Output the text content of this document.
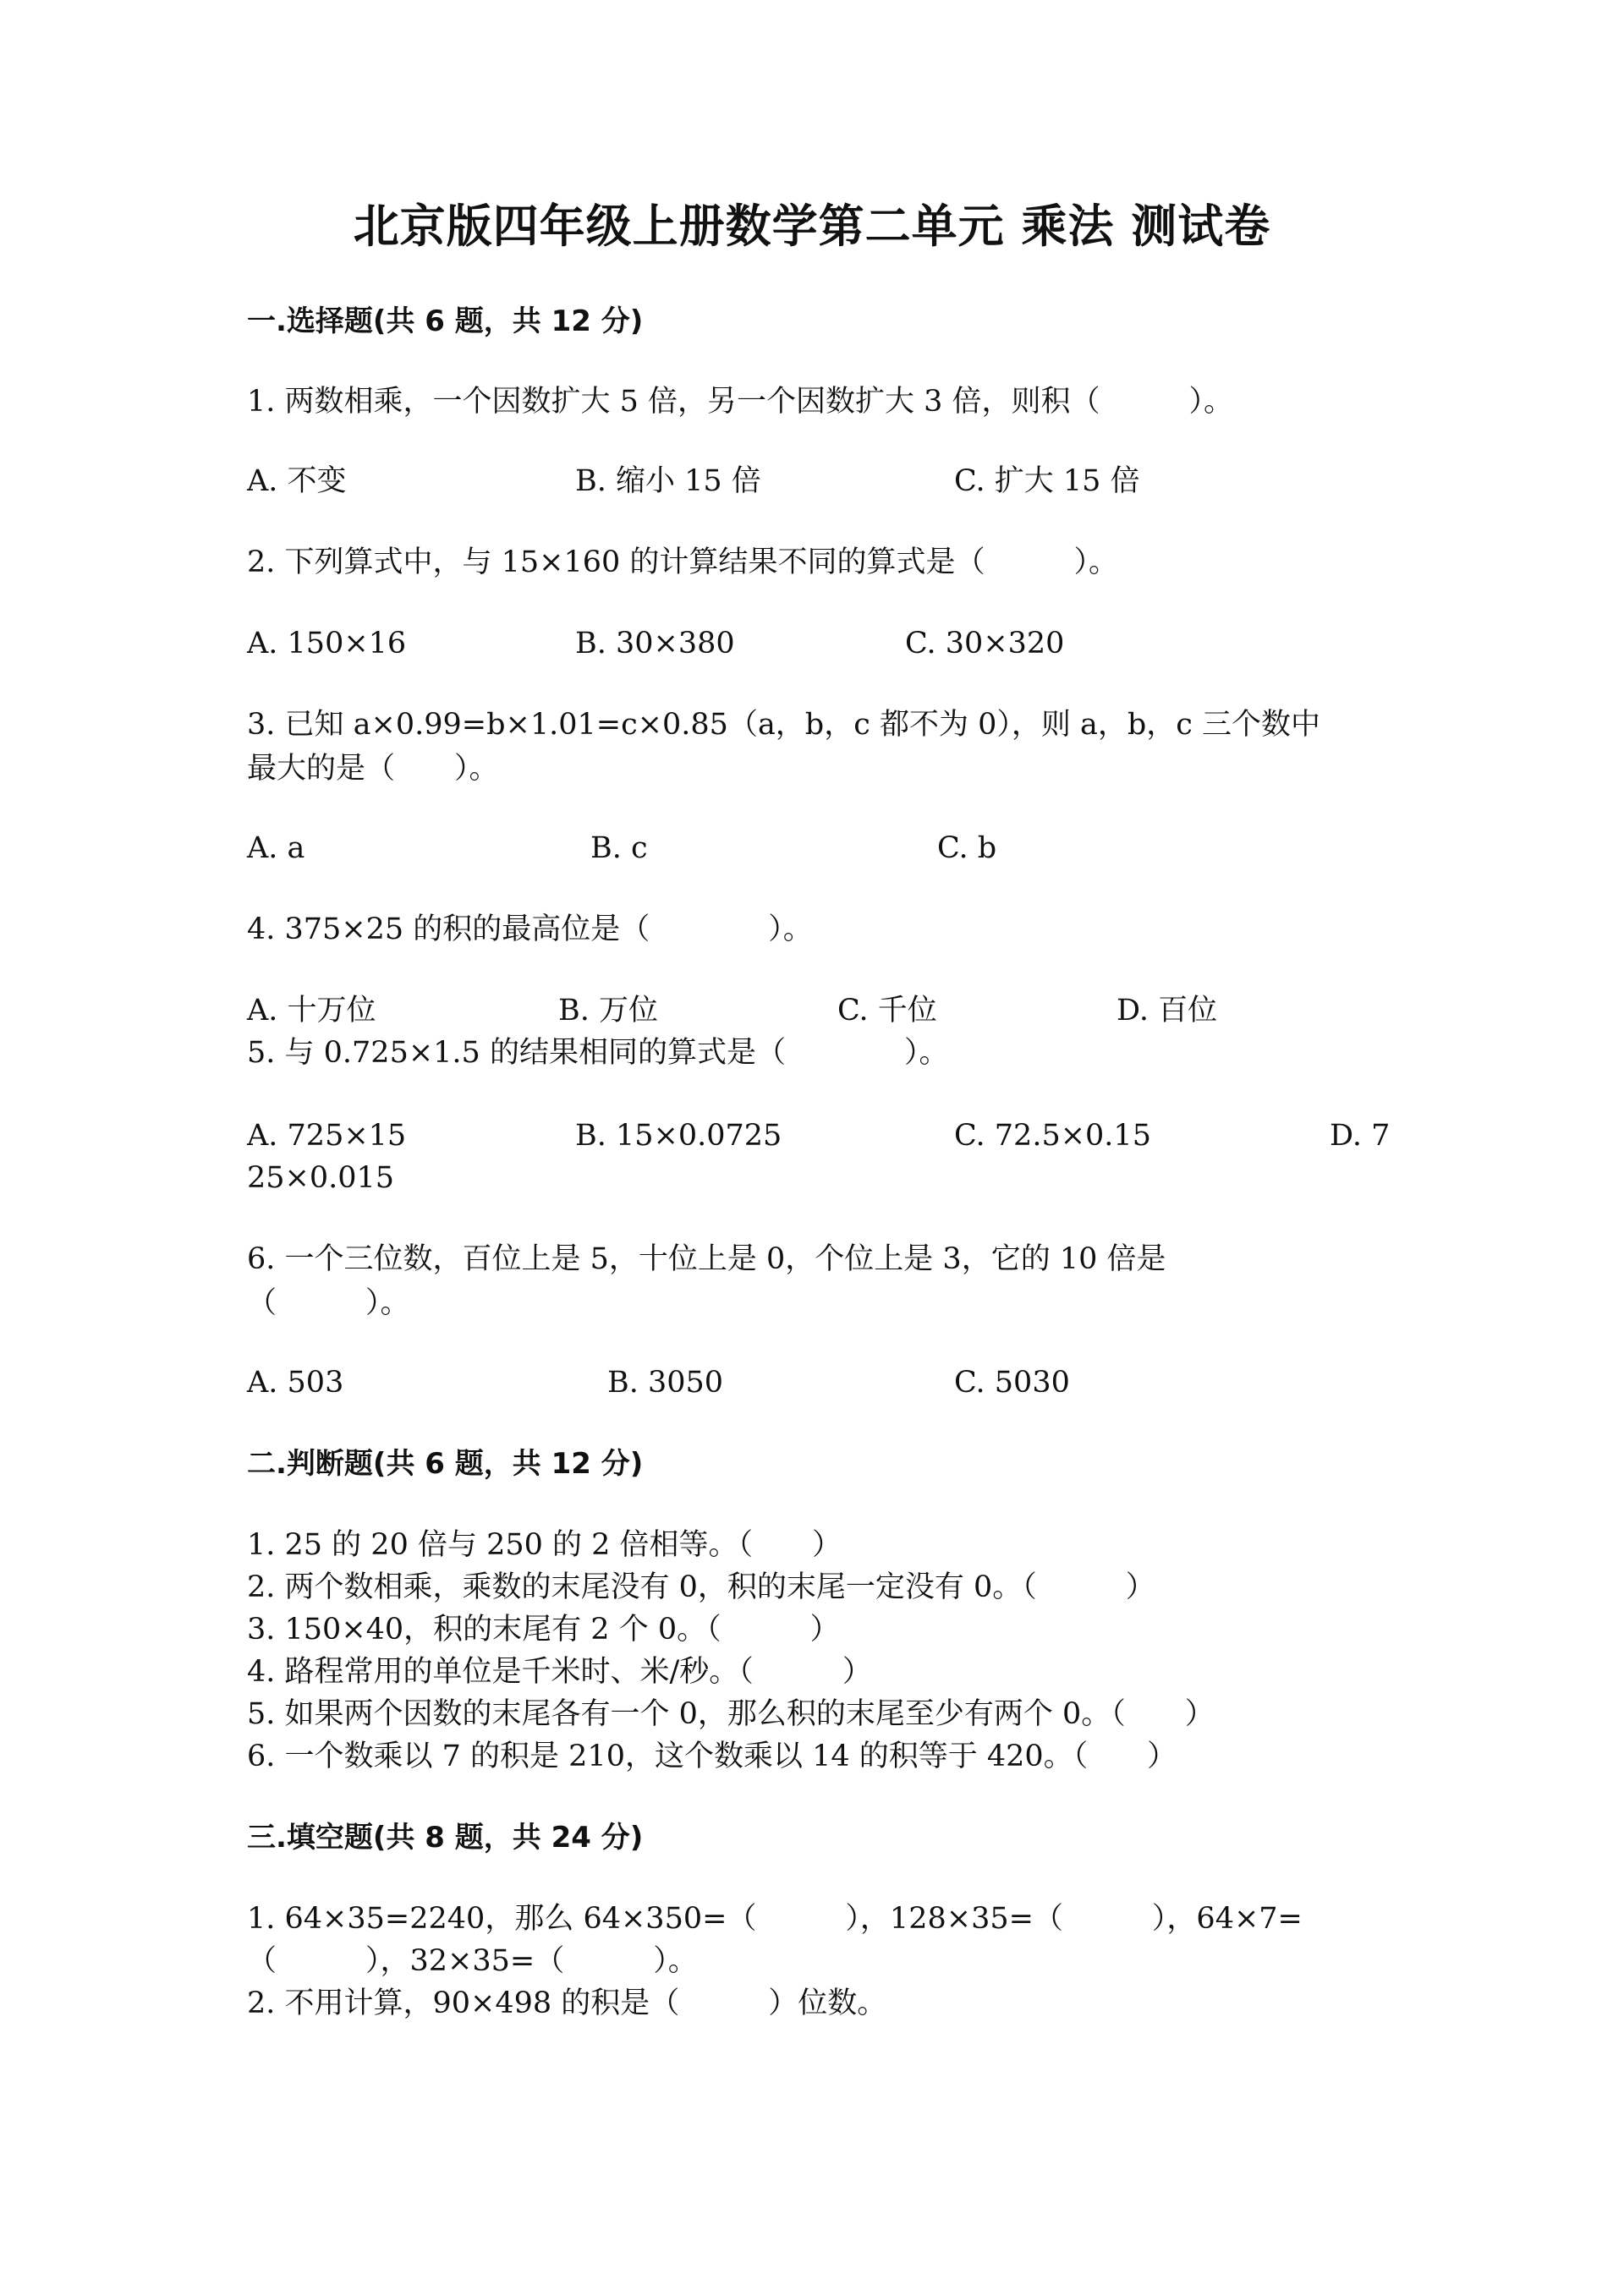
北京版四年级上册数学第二单元 乘法 测试卷
一.选择题(共 6 题，共 12 分)
1. 两数相乘，一个因数扩大 5 倍，另一个因数扩大 3 倍，则积（　　　）。
A. 不变	B. 缩小 15 倍	C. 扩大 15 倍
2. 下列算式中，与 15×160 的计算结果不同的算式是（　　　）。
A. 150×16	B. 30×380	C. 30×320
3. 已知 a×0.99=b×1.01=c×0.85（a，b，c 都不为 0），则 a，b，c 三个数中
最大的是（　　）。
A. a	B. c	C. b
4. 375×25 的积的最高位是（　　　　）。
A. 十万位	B. 万位	C. 千位	D. 百位
5. 与 0.725×1.5 的结果相同的算式是（　　　　）。
A. 725×15	B. 15×0.0725	C. 72.5×0.15	D. 7
25×0.015
6. 一个三位数，百位上是 5，十位上是 0，个位上是 3，它的 10 倍是
（　　　）。
A. 503	B. 3050	C. 5030
二.判断题(共 6 题，共 12 分)
1. 25 的 20 倍与 250 的 2 倍相等。（　　）
2. 两个数相乘，乘数的末尾没有 0，积的末尾一定没有 0。（　　　）
3. 150×40，积的末尾有 2 个 0。（　　　）
4. 路程常用的单位是千米时、米/秒。（　　　）
5. 如果两个因数的末尾各有一个 0，那么积的末尾至少有两个 0。（　　）
6. 一个数乘以 7 的积是 210，这个数乘以 14 的积等于 420。（　　）
三.填空题(共 8 题，共 24 分)
1. 64×35=2240，那么 64×350=（　　　），128×35=（　　　），64×7=
（　　　），32×35=（　　　）。
2. 不用计算，90×498 的积是（　　　）位数。
